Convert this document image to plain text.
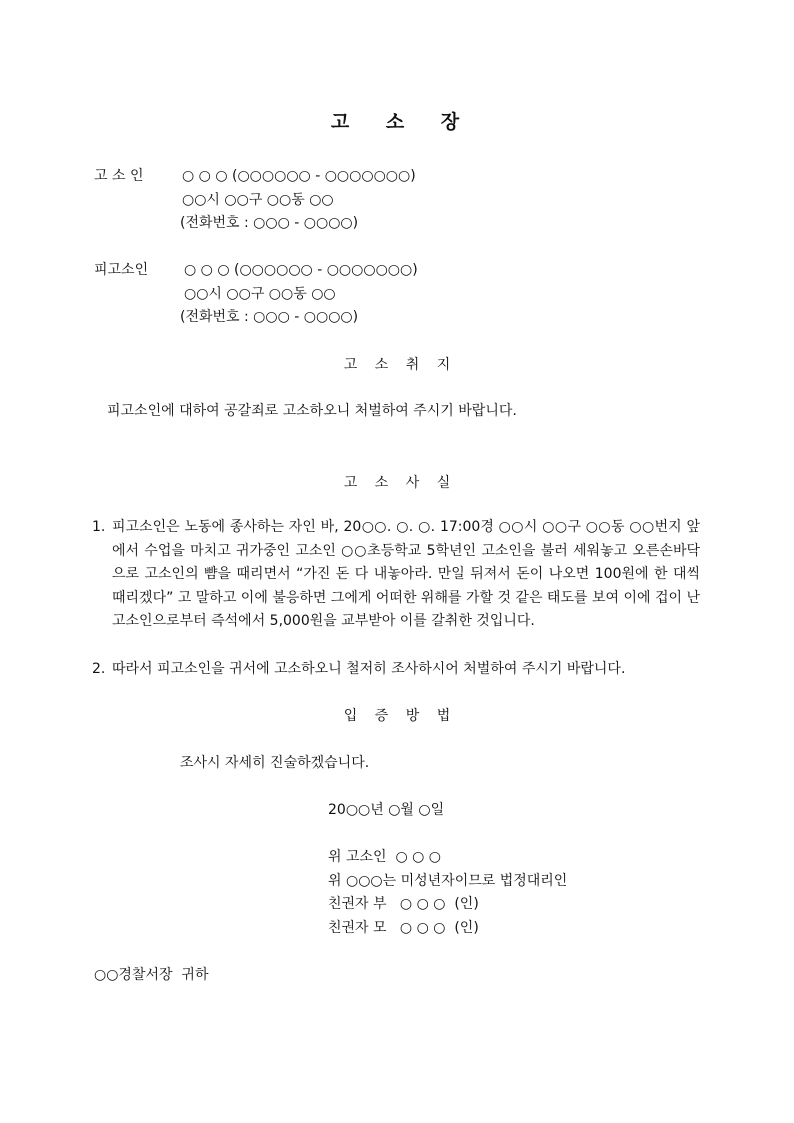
고 소 장
고 소 인	○ ○ ○ (○○○○○○ - ○○○○○○○)
○○시 ○○구 ○○동 ○○
(전화번호 : ○○○ - ○○○○)
피고소인	○ ○ ○ (○○○○○○ - ○○○○○○○)
○○시 ○○구 ○○동 ○○
(전화번호 : ○○○ - ○○○○)
고 소 취 지
피고소인에 대하여 공갈죄로 고소하오니 처벌하여 주시기 바랍니다.
고 소 사 실
1. 피고소인은 노동에 종사하는 자인 바, 20○○. ○. ○. 17:00경 ○○시 ○○구 ○○동 ○○번지 앞에서 수업을 마치고 귀가중인 고소인 ○○초등학교 5학년인 고소인을 불러 세워놓고 오른손바닥으로 고소인의 뺨을 때리면서 “가진 돈 다 내놓아라. 만일 뒤져서 돈이 나오면 100원에 한 대씩 때리겠다” 고 말하고 이에 불응하면 그에게 어떠한 위해를 가할 것 같은 태도를 보여 이에 겁이 난 고소인으로부터 즉석에서 5,000원을 교부받아 이를 갈취한 것입니다.
2. 따라서 피고소인을 귀서에 고소하오니 철저히 조사하시어 처벌하여 주시기 바랍니다.
입 증 방 법
조사시 자세히 진술하겠습니다.
20○○년 ○월 ○일
위 고소인  ○ ○ ○
위 ○○○는 미성년자이므로 법정대리인
친권자 부   ○ ○ ○  (인)
친권자 모   ○ ○ ○  (인)
○○경찰서장  귀하
